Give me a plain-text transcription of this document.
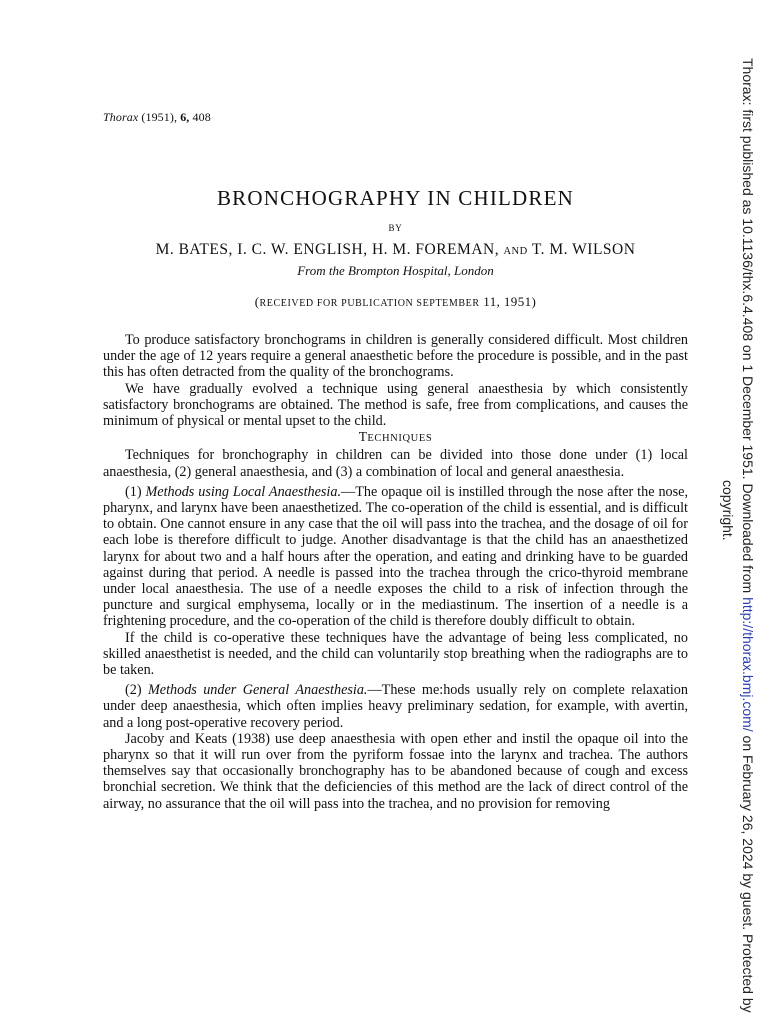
Thorax (1951), 6, 408
BRONCHOGRAPHY IN CHILDREN
BY
M. BATES, I. C. W. ENGLISH, H. M. FOREMAN, AND T. M. WILSON
From the Brompton Hospital, London
(RECEIVED FOR PUBLICATION SEPTEMBER 11, 1951)

To produce satisfactory bronchograms in children is generally considered difficult. Most children under the age of 12 years require a general anaesthetic before the procedure is possible, and in the past this has often detracted from the quality of the bronchograms.

We have gradually evolved a technique using general anaesthesia by which consistently satisfactory bronchograms are obtained. The method is safe, free from complications, and causes the minimum of physical or mental upset to the child.

TECHNIQUES

Techniques for bronchography in children can be divided into those done under (1) local anaesthesia, (2) general anaesthesia, and (3) a combination of local and general anaesthesia.

(1) Methods using Local Anaesthesia.—The opaque oil is instilled through the nose after the nose, pharynx, and larynx have been anaesthetized. The co-operation of the child is essential, and is difficult to obtain. One cannot ensure in any case that the oil will pass into the trachea, and the dosage of oil for each lobe is therefore difficult to judge. Another disadvantage is that the child has an anaesthetized larynx for about two and a half hours after the operation, and eating and drinking have to be guarded against during that period. A needle is passed into the trachea through the crico-thyroid membrane under local anaesthesia. The use of a needle exposes the child to a risk of infection through the puncture and surgical emphysema, locally or in the mediastinum. The insertion of a needle is a frightening procedure, and the co-operation of the child is therefore doubly difficult to obtain.

If the child is co-operative these techniques have the advantage of being less complicated, no skilled anaesthetist is needed, and the child can voluntarily stop breathing when the radiographs are to be taken.

(2) Methods under General Anaesthesia.—These me:hods usually rely on complete relaxation under deep anaesthesia, which often implies heavy preliminary sedation, for example, with avertin, and a long post-operative recovery period.

Jacoby and Keats (1938) use deep anaesthesia with open ether and instil the opaque oil into the pharynx so that it will run over from the pyriform fossae into the larynx and trachea. The authors themselves say that occasionally bronchography has to be abandoned because of cough and excess bronchial secretion. We think that the deficiencies of this method are the lack of direct control of the airway, no assurance that the oil will pass into the trachea, and no provision for removing

Thorax: first published as 10.1136/thx.6.4.408 on 1 December 1951. Downloaded from http://thorax.bmj.com/ on February 26, 2024 by guest. Protected by
copyright.
